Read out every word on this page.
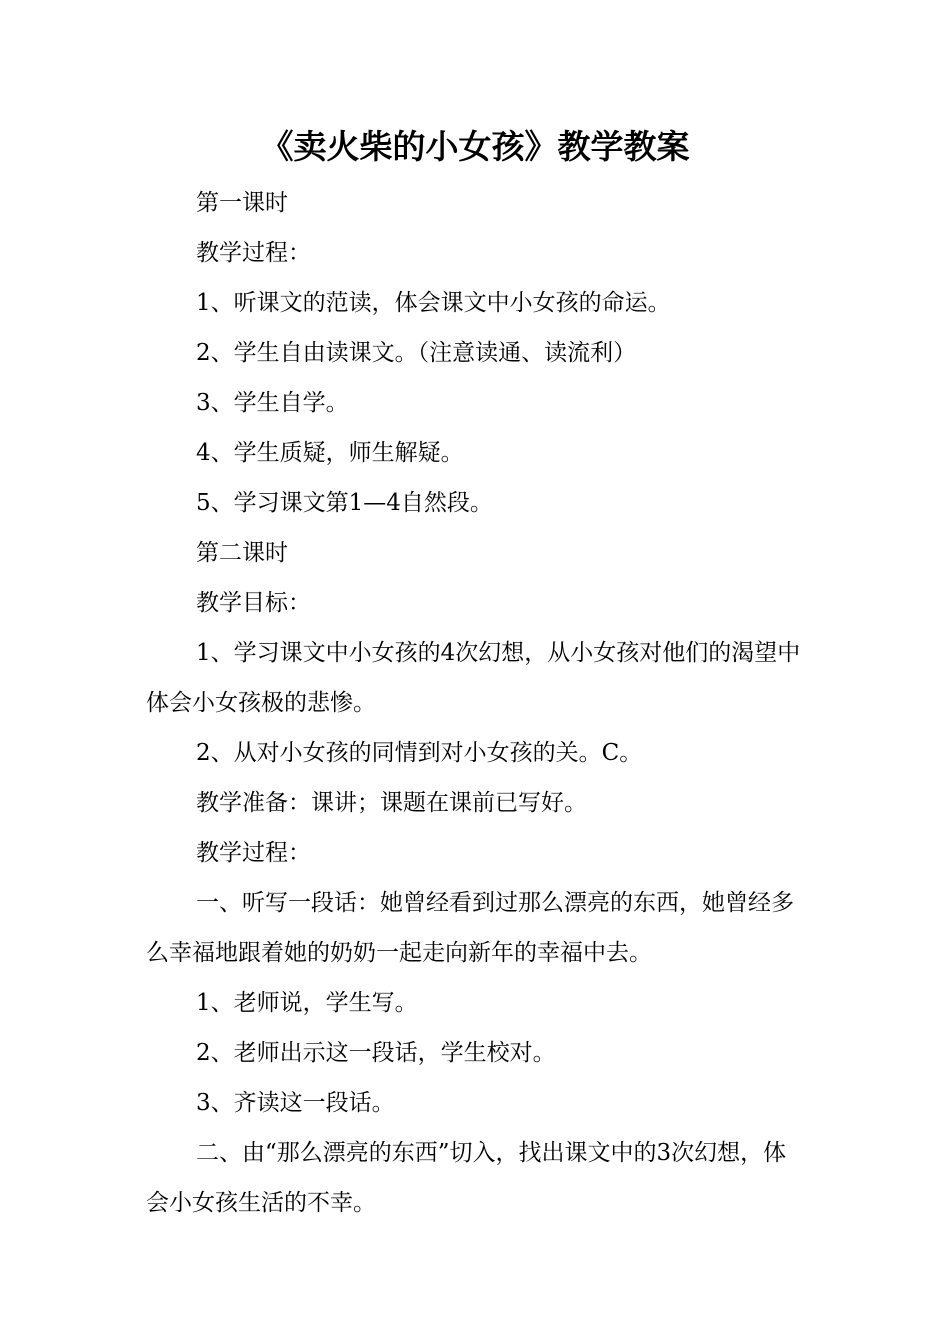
《卖火柴的小女孩》教学教案

第一课时

教学过程：

1、听课文的范读，体会课文中小女孩的命运。

2、学生自由读课文。（注意读通、读流利）

3、学生自学。

4、学生质疑，师生解疑。

5、学习课文第1—4自然段。

第二课时

教学目标：

1、学习课文中小女孩的4次幻想，从小女孩对他们的渴望中体会小女孩极的悲惨。

2、从对小女孩的同情到对小女孩的关。C。

教学准备：课讲；课题在课前已写好。

教学过程：

一、听写一段话：她曾经看到过那么漂亮的东西，她曾经多么幸福地跟着她的奶奶一起走向新年的幸福中去。

1、老师说，学生写。

2、老师出示这一段话，学生校对。

3、齐读这一段话。

二、由“那么漂亮的东西”切入，找出课文中的3次幻想，体会小女孩生活的不幸。
